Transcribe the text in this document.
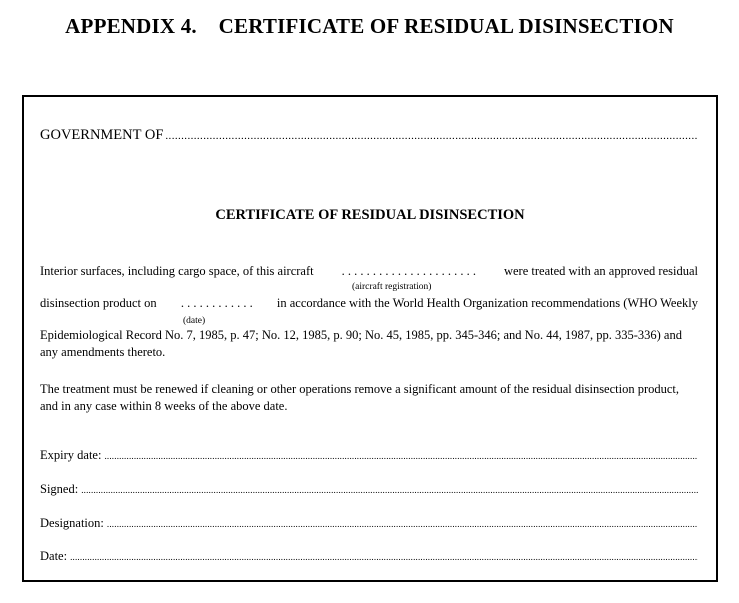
APPENDIX 4.    CERTIFICATE OF RESIDUAL DISINSECTION
GOVERNMENT OF
.....
CERTIFICATE OF RESIDUAL DISINSECTION
Interior surfaces, including cargo space, of this aircraft . . . . . . . . . . . . . . . . . . . . . . were treated with an approved residual
(aircraft registration)
disinsection product on . . . . . . . . . . . . in accordance with the World Health Organization recommendations (WHO Weekly
(date)
Epidemiological Record No. 7, 1985, p. 47; No. 12, 1985, p. 90; No. 45, 1985, pp. 345-346; and No. 44, 1987, pp. 335-336) and
any amendments thereto.
The treatment must be renewed if cleaning or other operations remove a significant amount of the residual disinsection product,
and in any case within 8 weeks of the above date.
Expiry date:
.....
Signed:
.....
Designation:
.....
Date:
.....
